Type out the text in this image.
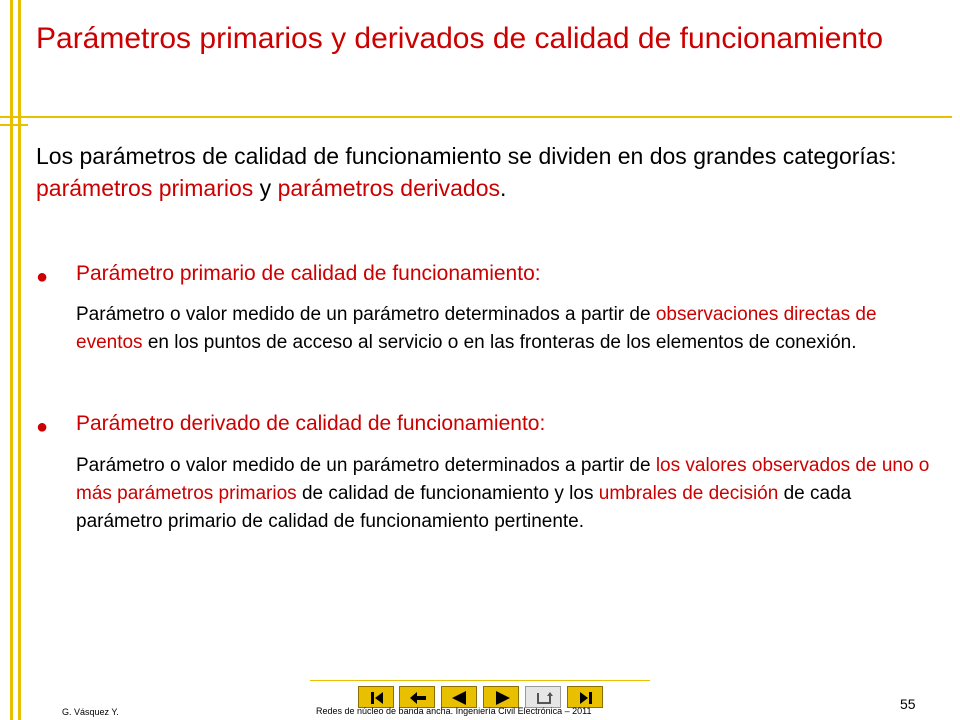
Parámetros primarios y derivados de calidad de funcionamiento

Los parámetros de calidad de funcionamiento se dividen en dos grandes categorías: parámetros primarios y parámetros derivados.

● Parámetro primario de calidad de funcionamiento:

Parámetro o valor medido de un parámetro determinados a partir de observaciones directas de eventos en los puntos de acceso al servicio o en las fronteras de los elementos de conexión.

● Parámetro derivado de calidad de funcionamiento:

Parámetro o valor medido de un parámetro determinados a partir de los valores observados de uno o más parámetros primarios de calidad de funcionamiento y los umbrales de decisión de cada parámetro primario de calidad de funcionamiento pertinente.

G. Vásquez Y.	Redes de núcleo de banda ancha. Ingeniería Civil Electrónica – 2011	55
